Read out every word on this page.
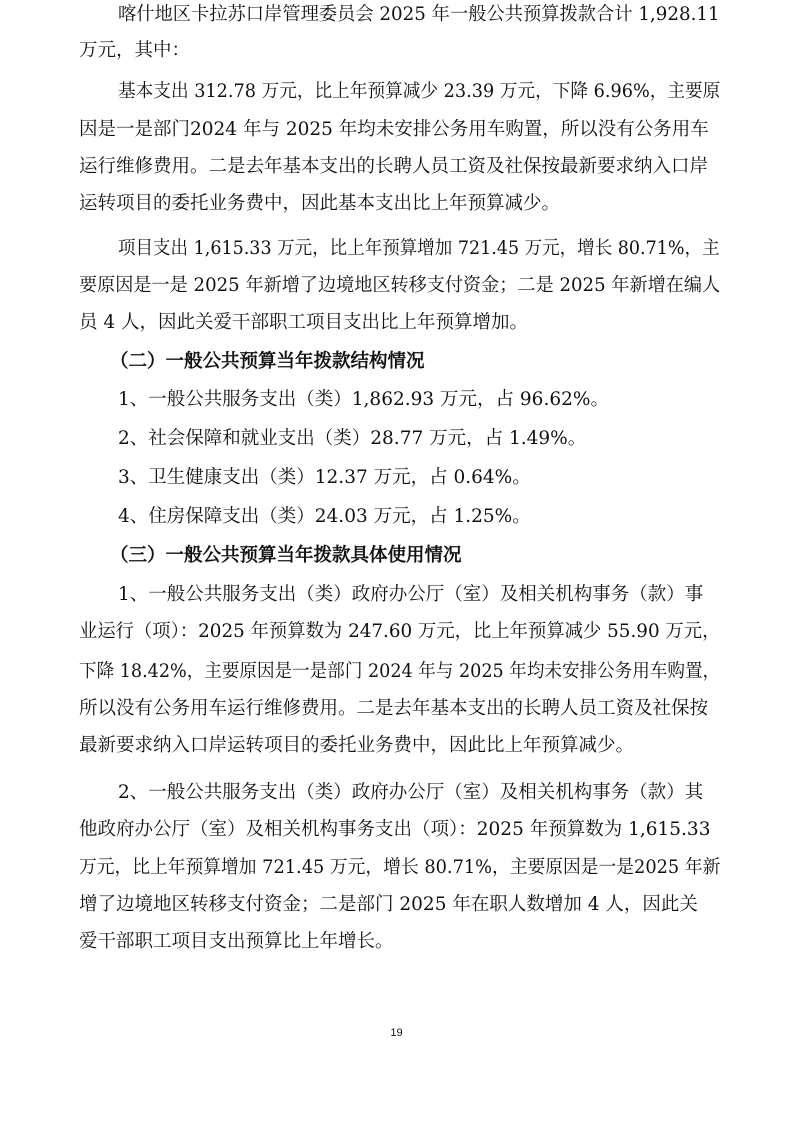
喀什地区卡拉苏口岸管理委员会 2025 年一般公共预算拨款合计 1,928.11
万元，其中：
基本支出 312.78 万元，比上年预算减少 23.39 万元，下降 6.96%，主要原
因是一是部门2024 年与 2025 年均未安排公务用车购置，所以没有公务用车
运行维修费用。二是去年基本支出的长聘人员工资及社保按最新要求纳入口岸
运转项目的委托业务费中，因此基本支出比上年预算减少。
项目支出 1,615.33 万元，比上年预算增加 721.45 万元，增长 80.71%，主
要原因是一是 2025 年新增了边境地区转移支付资金；二是 2025 年新增在编人
员 4 人，因此关爱干部职工项目支出比上年预算增加。
（二）一般公共预算当年拨款结构情况
1、一般公共服务支出（类）1,862.93 万元，占 96.62%。
2、社会保障和就业支出（类）28.77 万元，占 1.49%。
3、卫生健康支出（类）12.37 万元，占 0.64%。
4、住房保障支出（类）24.03 万元，占 1.25%。
（三）一般公共预算当年拨款具体使用情况
1、一般公共服务支出（类）政府办公厅（室）及相关机构事务（款）事
业运行（项）：2025 年预算数为 247.60 万元，比上年预算减少 55.90 万元，
下降 18.42%，主要原因是一是部门 2024 年与 2025 年均未安排公务用车购置，
所以没有公务用车运行维修费用。二是去年基本支出的长聘人员工资及社保按
最新要求纳入口岸运转项目的委托业务费中，因此比上年预算减少。
2、一般公共服务支出（类）政府办公厅（室）及相关机构事务（款）其
他政府办公厅（室）及相关机构事务支出（项）：2025 年预算数为 1,615.33
万元，比上年预算增加 721.45 万元，增长 80.71%，主要原因是一是2025 年新
增了边境地区转移支付资金；二是部门 2025 年在职人数增加 4 人，因此关
爱干部职工项目支出预算比上年增长。
19
